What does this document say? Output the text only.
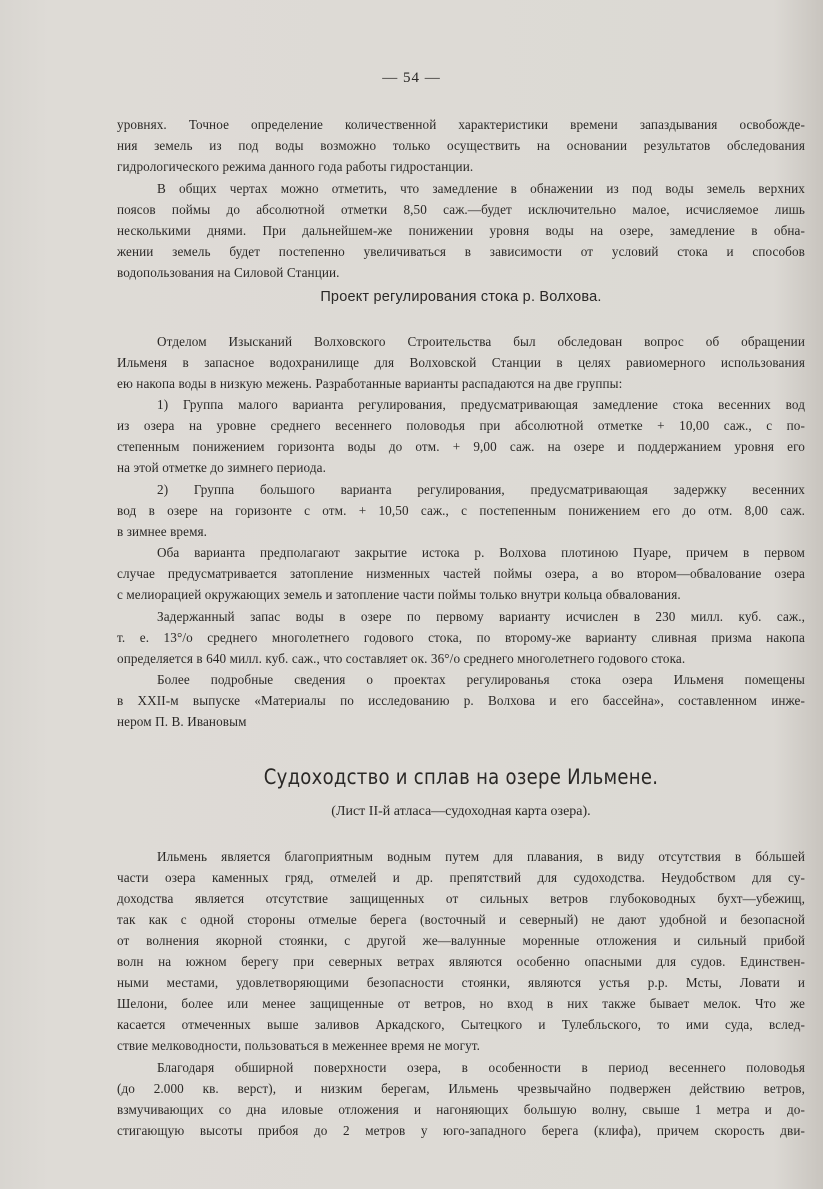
— 54 —

уровнях. Точное определение количественной характеристики времени запаздывания освобожде-

ния земель из под воды возможно только осуществить на основании результатов обследования

гидрологического режима данного года работы гидростанции.

В общих чертах можно отметить, что замедление в обнажении из под воды земель верхних

поясов поймы до абсолютной отметки 8,50 саж.—будет исключительно малое, исчисляемое лишь

несколькими днями. При дальнейшем-же понижении уровня воды на озере, замедление в обна-

жении земель будет постепенно увеличиваться в зависимости от условий стока и способов

водопользования на Силовой Станции.

Проект регулирования стока р. Волхова.

Отделом Изысканий Волховского Строительства был обследован вопрос об обращении

Ильменя в запасное водохранилище для Волховской Станции в целях равиомерного использования

ею накопа воды в низкую межень. Разработанные варианты распадаются на две группы:

1) Группа малого варианта регулирования, предусматривающая замедление стока весенних вод

из озера на уровне среднего весеннего половодья при абсолютной отметке + 10,00 саж., с по-

степенным понижением горизонта воды до отм. + 9,00 саж. на озере и поддержанием уровня его

на этой отметке до зимнего периода.

2) Группа большого варианта регулирования, предусматривающая задержку весенних

вод в озере на горизонте с отм. + 10,50 саж., с постепенным понижением его до отм. 8,00 саж.

в зимнее время.

Оба варианта предполагают закрытие истока р. Волхова плотиною Пуаре, причем в первом

случае предусматривается затопление низменных частей поймы озера, а во втором—обвалование озера

с мелиорацией окружающих земель и затопление части поймы только внутри кольца обвалования.

Задержанный запас воды в озере по первому варианту исчислен в 230 милл. куб. саж.,

т. е. 13°/о среднего многолетнего годового стока, по второму-же варианту сливная призма накопа

определяется в 640 милл. куб. саж., что составляет ок. 36°/о среднего многолетнего годового стока.

Более подробные сведения о проектах регулированья стока озера Ильменя помещены

в XXII-м выпуске «Материалы по исследованию р. Волхова и его бассейна», составленном инже-

нером П. В. Ивановым

Судоходство и сплав на озере Ильмене.
(Лист II-й атласа—судоходная карта озера).

Ильмень является благоприятным водным путем для плавания, в виду отсутствия в бóльшей

части озера каменных гряд, отмелей и др. препятствий для судоходства. Неудобством для су-

доходства является отсутствие защищенных от сильных ветров глубоководных бухт—убежищ,

так как с одной стороны отмелые берега (восточный и северный) не дают удобной и безопасной

от волнения якорной стоянки, с другой же—валунные моренные отложения и сильный прибой

волн на южном берегу при северных ветрах являются особенно опасными для судов. Единствен-

ными местами, удовлетворяющими безопасности стоянки, являются устья р.р. Мсты, Ловати и

Шелони, более или менее защищенные от ветров, но вход в них также бывает мелок. Что же

касается отмеченных выше заливов Аркадского, Сытецкого и Тулебльского, то ими суда, вслед-

ствие мелководности, пользоваться в меженнее время не могут.

Благодаря обширной поверхности озера, в особенности в период весеннего половодья

(до 2.000 кв. верст), и низким берегам, Ильмень чрезвычайно подвержен действию ветров,

взмучивающих со дна иловые отложения и нагоняющих большую волну, свыше 1 метра и до-

стигающую высоты прибоя до 2 метров у юго-западного берега (клифа), причем скорость дви-
